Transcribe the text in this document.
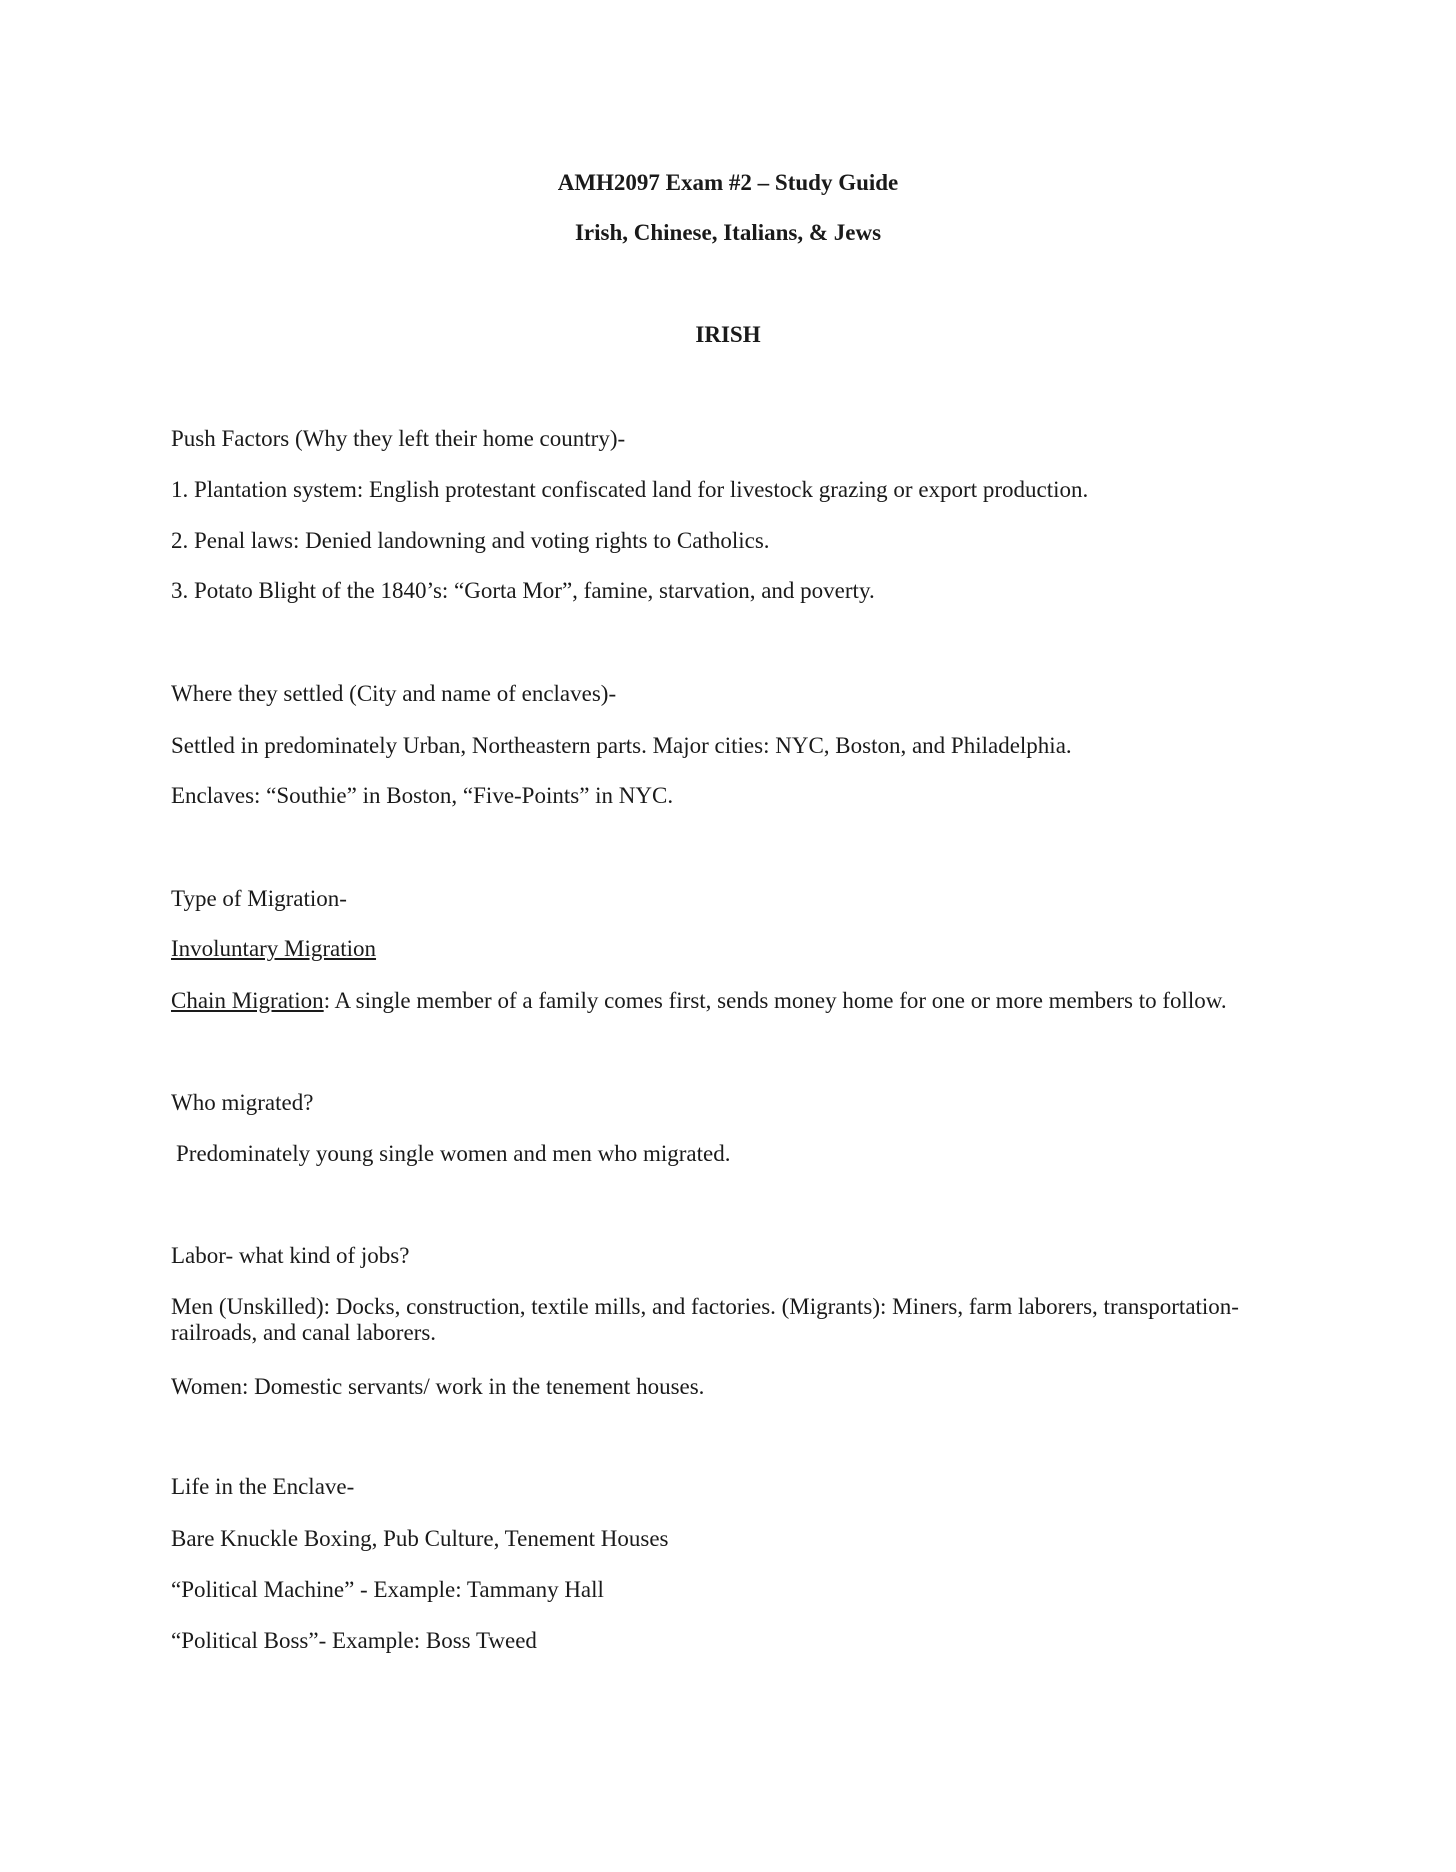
AMH2097 Exam #2 – Study Guide

Irish, Chinese, Italians, & Jews

IRISH

Push Factors (Why they left their home country)-

1. Plantation system: English protestant confiscated land for livestock grazing or export production.

2. Penal laws: Denied landowning and voting rights to Catholics.

3. Potato Blight of the 1840’s: “Gorta Mor”, famine, starvation, and poverty.

Where they settled (City and name of enclaves)-

Settled in predominately Urban, Northeastern parts. Major cities: NYC, Boston, and Philadelphia.

Enclaves: “Southie” in Boston, “Five-Points” in NYC.

Type of Migration-

Involuntary Migration

Chain Migration: A single member of a family comes first, sends money home for one or more members to follow.

Who migrated?

Predominately young single women and men who migrated.

Labor- what kind of jobs?

Men (Unskilled): Docks, construction, textile mills, and factories. (Migrants): Miners, farm laborers, transportation-railroads, and canal laborers.

Women: Domestic servants/ work in the tenement houses.

Life in the Enclave-

Bare Knuckle Boxing, Pub Culture, Tenement Houses

“Political Machine” - Example: Tammany Hall

“Political Boss”- Example: Boss Tweed
